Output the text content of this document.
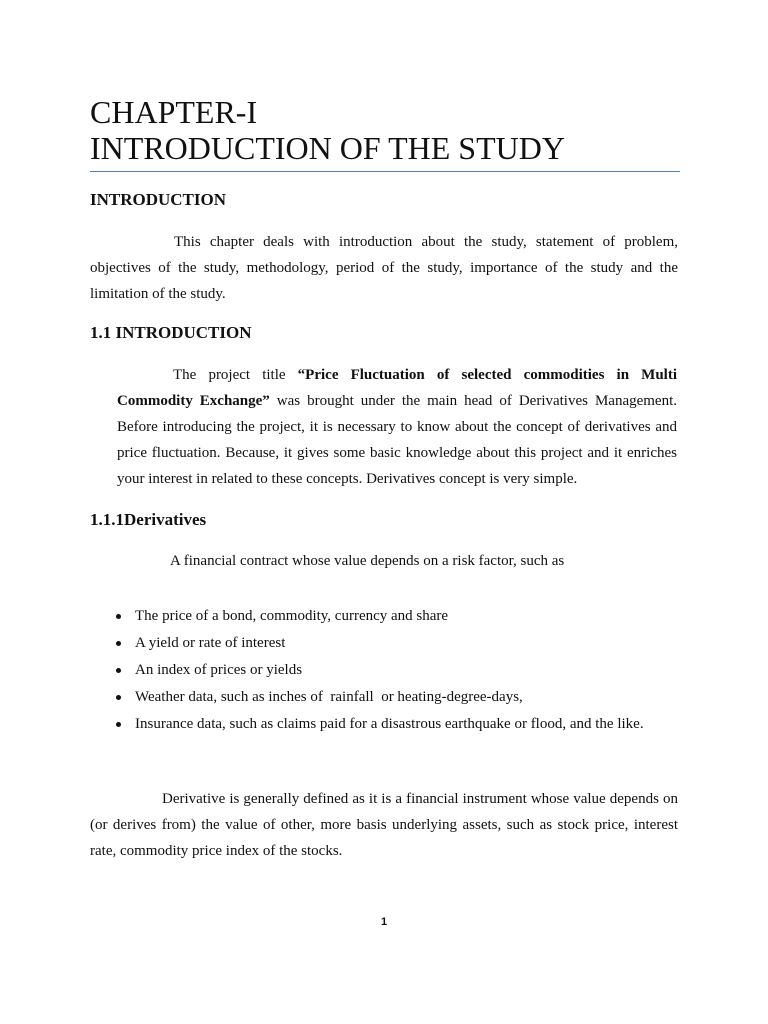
CHAPTER-I
INTRODUCTION OF THE STUDY
INTRODUCTION

This chapter deals with introduction about the study, statement of problem, objectives of the study, methodology, period of the study, importance of the study and the limitation of the study.

1.1 INTRODUCTION

The project title “Price Fluctuation of selected commodities in Multi Commodity Exchange” was brought under the main head of Derivatives Management. Before introducing the project, it is necessary to know about the concept of derivatives and price fluctuation. Because, it gives some basic knowledge about this project and it enriches your interest in related to these concepts. Derivatives concept is very simple.

1.1.1Derivatives

A financial contract whose value depends on a risk factor, such as

The price of a bond, commodity, currency and share
A yield or rate of interest
An index of prices or yields
Weather data, such as inches of  rainfall  or heating-degree-days,
Insurance data, such as claims paid for a disastrous earthquake or flood, and the like.

Derivative is generally defined as it is a financial instrument whose value depends on (or derives from) the value of other, more basis underlying assets, such as stock price, interest rate, commodity price index of the stocks.

1
